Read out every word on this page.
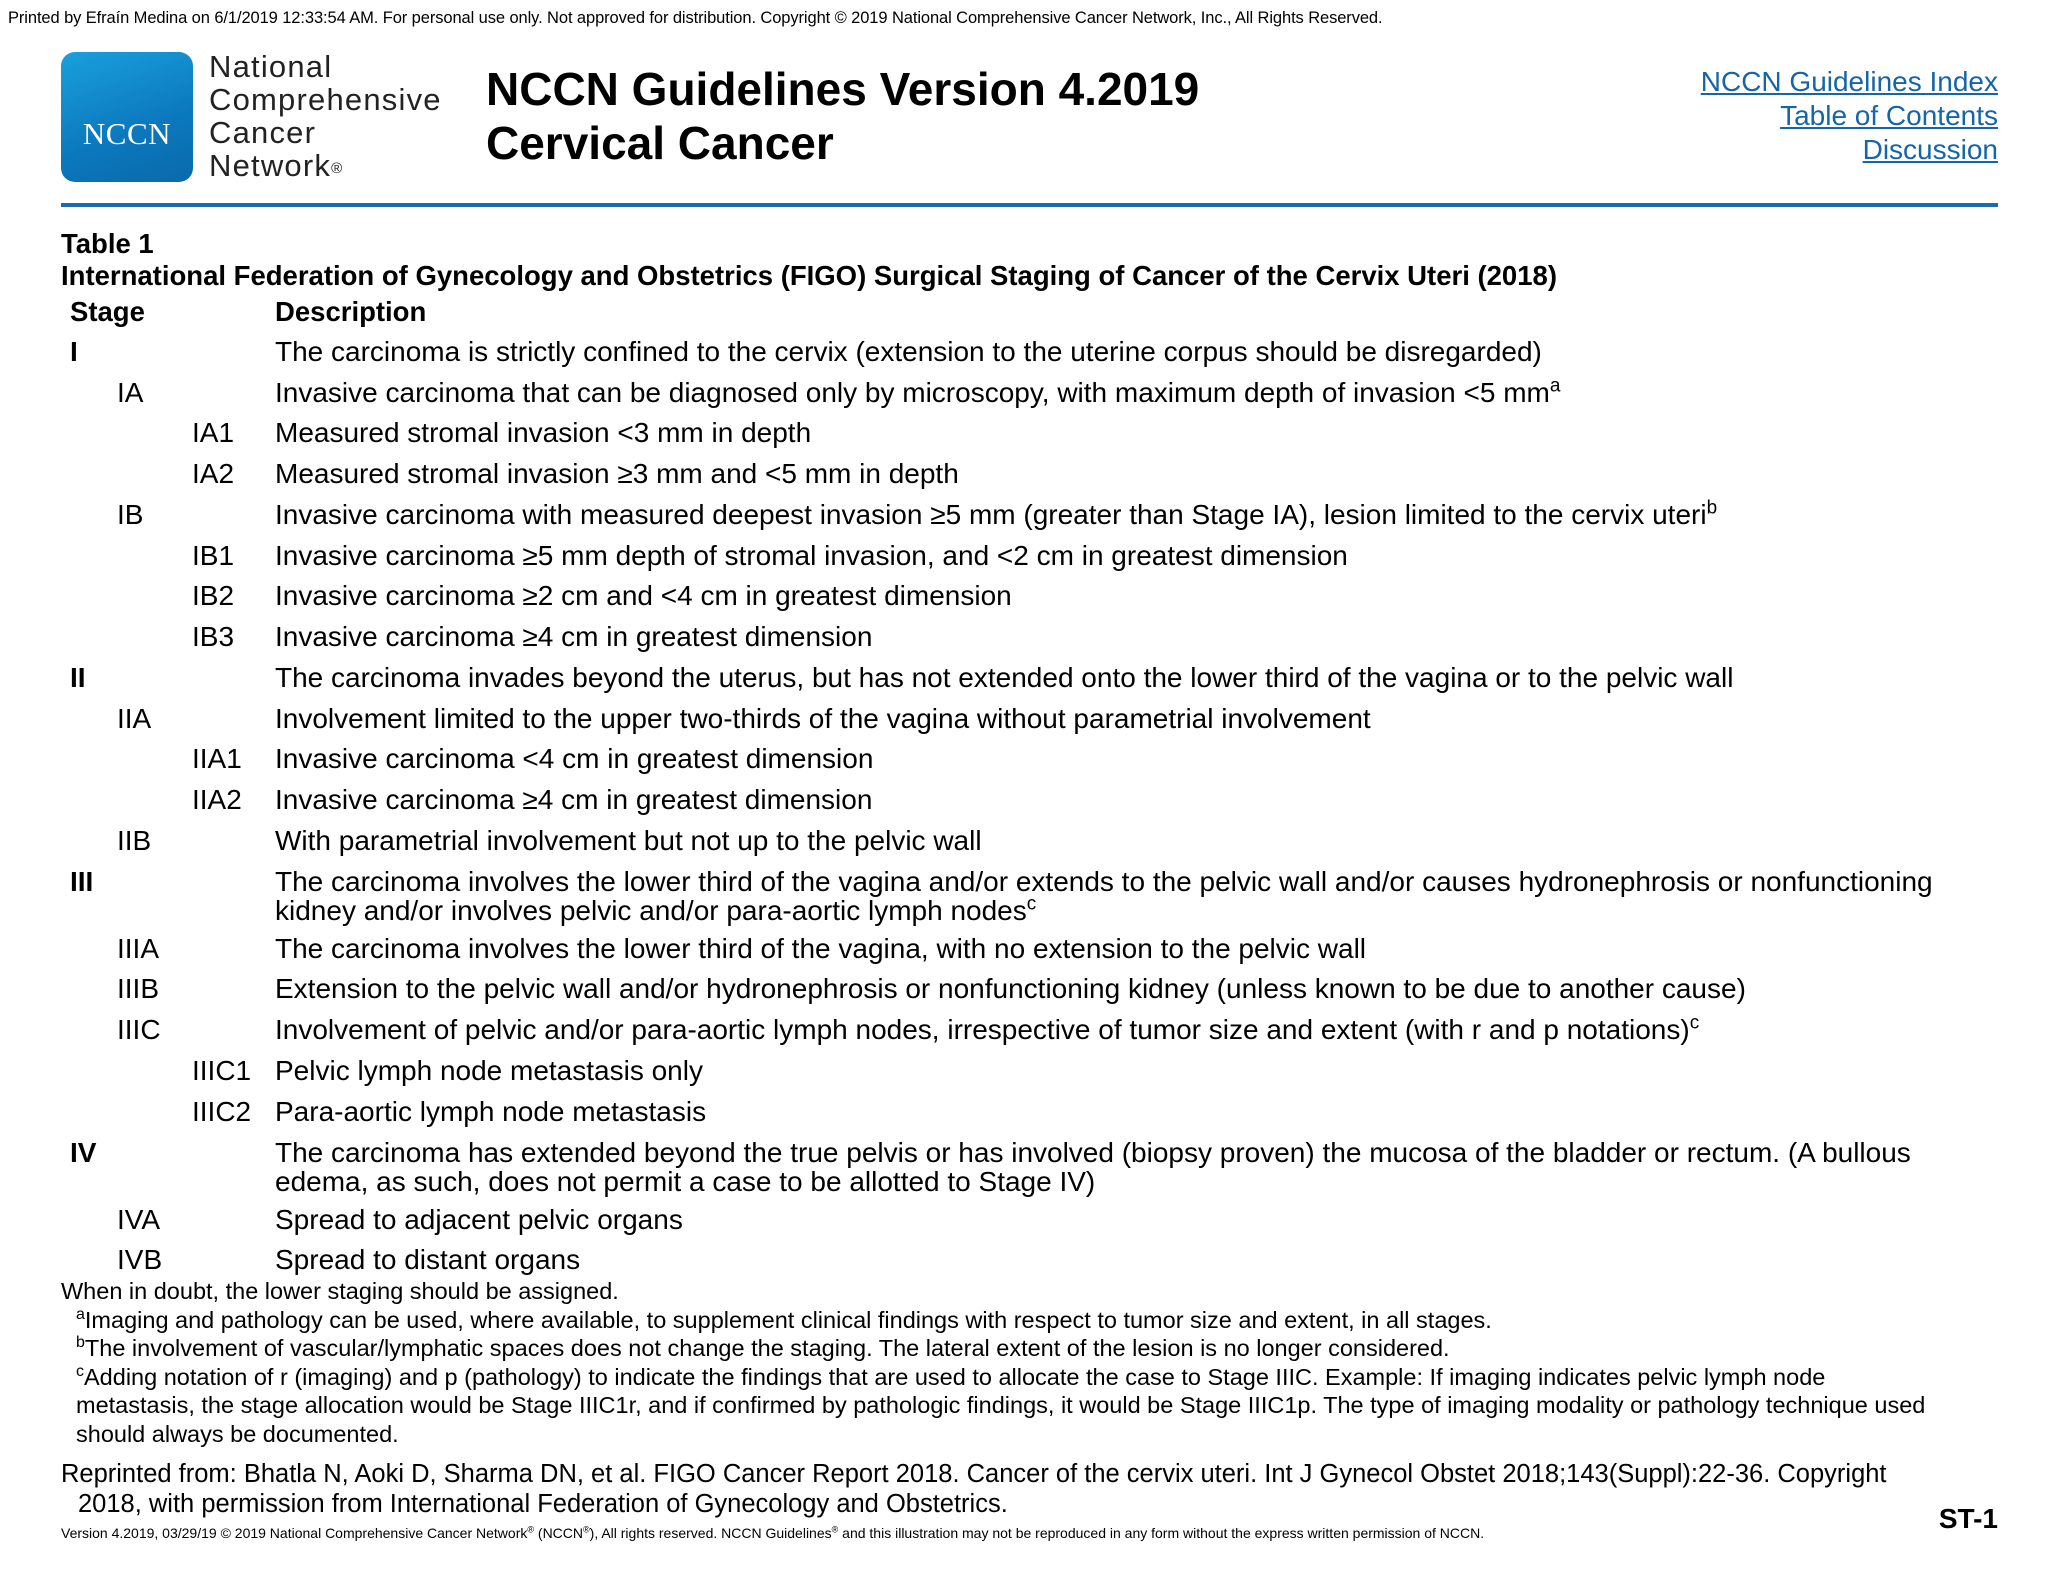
Printed by Efraín Medina on 6/1/2019 12:33:54 AM. For personal use only. Not approved for distribution. Copyright © 2019 National Comprehensive Cancer Network, Inc., All Rights Reserved.
NCCN
National
Comprehensive
Cancer
Network®
NCCN Guidelines Version 4.2019
Cervical Cancer
NCCN Guidelines Index
Table of Contents
Discussion
Table 1
International Federation of Gynecology and Obstetrics (FIGO) Surgical Staging of Cancer of the Cervix Uteri (2018)
Stage	Description
I	The carcinoma is strictly confined to the cervix (extension to the uterine corpus should be disregarded)
IA	Invasive carcinoma that can be diagnosed only by microscopy, with maximum depth of invasion <5 $mm^a$
IA1 Measured stromal invasion <3 mm in depth
IA2 Measured stromal invasion ≥3 mm and <5 mm in depth
IB	Invasive carcinoma with measured deepest invasion ≥5 mm (greater than Stage IA), lesion limited to the cervix uteri$^b$
IB1 Invasive carcinoma ≥5 mm depth of stromal invasion, and <2 cm in greatest dimension
IB2 Invasive carcinoma ≥2 cm and <4 cm in greatest dimension
IB3 Invasive carcinoma ≥4 cm in greatest dimension
II	The carcinoma invades beyond the uterus, but has not extended onto the lower third of the vagina or to the pelvic wall
IIA	Involvement limited to the upper two-thirds of the vagina without parametrial involvement
IIA1 Invasive carcinoma <4 cm in greatest dimension
IIA2 Invasive carcinoma ≥4 cm in greatest dimension
IIB	With parametrial involvement but not up to the pelvic wall
III	The carcinoma involves the lower third of the vagina and/or extends to the pelvic wall and/or causes hydronephrosis or nonfunctioning kidney and/or involves pelvic and/or para-aortic lymph nodes$^c$
IIIA	The carcinoma involves the lower third of the vagina, with no extension to the pelvic wall
IIIB	Extension to the pelvic wall and/or hydronephrosis or nonfunctioning kidney (unless known to be due to another cause)
IIIC	Involvement of pelvic and/or para-aortic lymph nodes, irrespective of tumor size and extent (with r and p notations)$^c$
IIIC1 Pelvic lymph node metastasis only
IIIC2 Para-aortic lymph node metastasis
IV	The carcinoma has extended beyond the true pelvis or has involved (biopsy proven) the mucosa of the bladder or rectum. (A bullous edema, as such, does not permit a case to be allotted to Stage IV)
IVA	Spread to adjacent pelvic organs
IVB	Spread to distant organs
When in doubt, the lower staging should be assigned.
$^a$Imaging and pathology can be used, where available, to supplement clinical findings with respect to tumor size and extent, in all stages.
$^b$The involvement of vascular/lymphatic spaces does not change the staging. The lateral extent of the lesion is no longer considered.
$^c$Adding notation of r (imaging) and p (pathology) to indicate the findings that are used to allocate the case to Stage IIIC. Example: If imaging indicates pelvic lymph node metastasis, the stage allocation would be Stage IIIC1r, and if confirmed by pathologic findings, it would be Stage IIIC1p. The type of imaging modality or pathology technique used should always be documented.
Reprinted from: Bhatla N, Aoki D, Sharma DN, et al. FIGO Cancer Report 2018. Cancer of the cervix uteri. Int J Gynecol Obstet 2018;143(Suppl):22-36. Copyright
2018, with permission from International Federation of Gynecology and Obstetrics.
Version 4.2019, 03/29/19 © 2019 National Comprehensive Cancer Network® (NCCN®), All rights reserved. NCCN Guidelines® and this illustration may not be reproduced in any form without the express written permission of NCCN.	ST-1
